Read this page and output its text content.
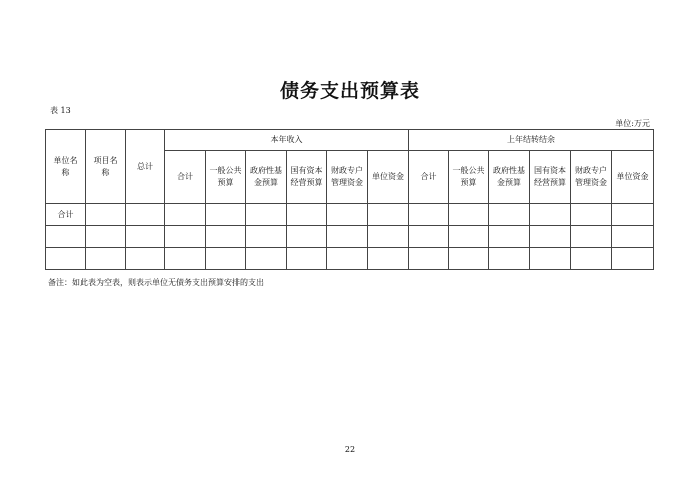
债务支出预算表
表 13
单位:万元
单位名称	项目名称	总计	本年收入						上年结转结余					
			合计	一般公共预算	政府性基金预算	国有资本经营预算	财政专户管理资金	单位资金	合计	一般公共预算	政府性基金预算	国有资本经营预算	财政专户管理资金	单位资金
合计														

备注：如此表为空表，则表示单位无债务支出预算安排的支出
22
